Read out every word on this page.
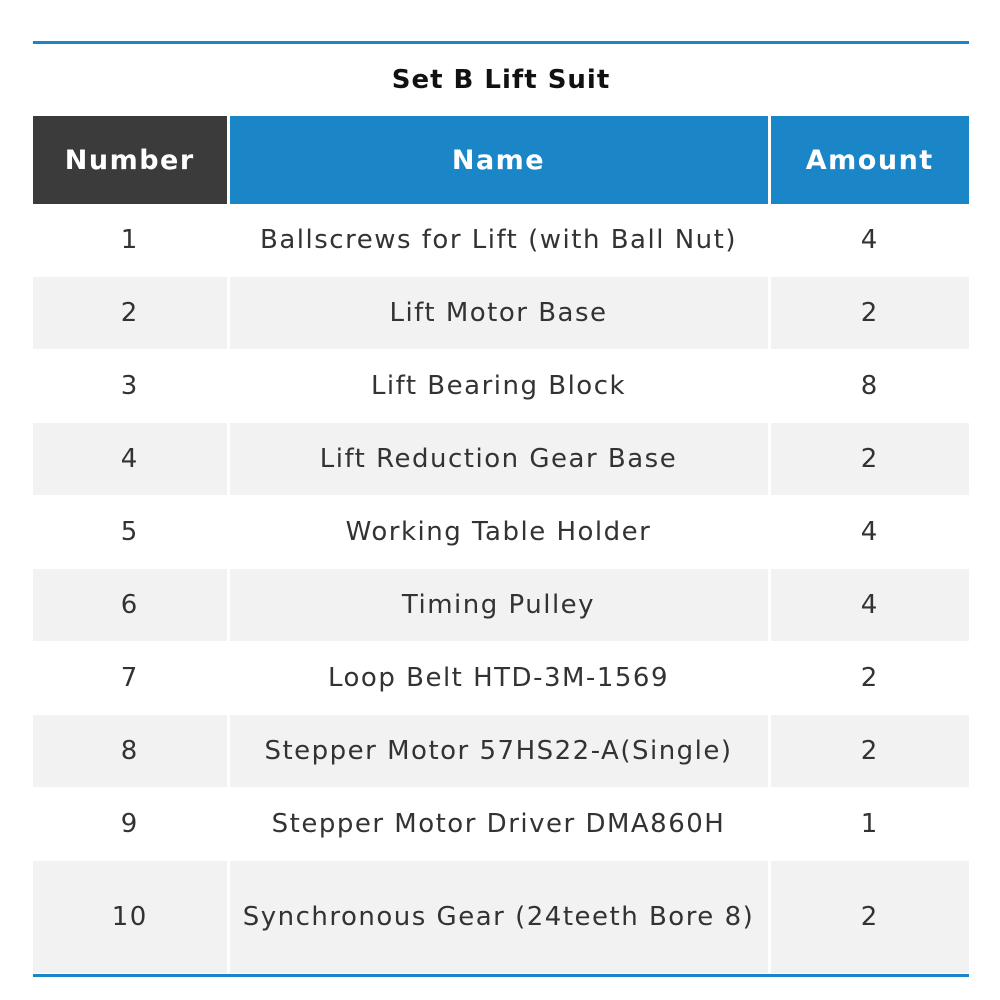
Set B Lift Suit
Number	Name	Amount
1	Ballscrews for Lift (with Ball Nut)	4
2	Lift Motor Base	2
3	Lift Bearing Block	8
4	Lift Reduction Gear Base	2
5	Working Table Holder	4
6	Timing Pulley	4
7	Loop Belt HTD-3M-1569	2
8	Stepper Motor 57HS22-A(Single)	2
9	Stepper Motor Driver DMA860H	1
10	Synchronous Gear (24teeth Bore 8)	2
